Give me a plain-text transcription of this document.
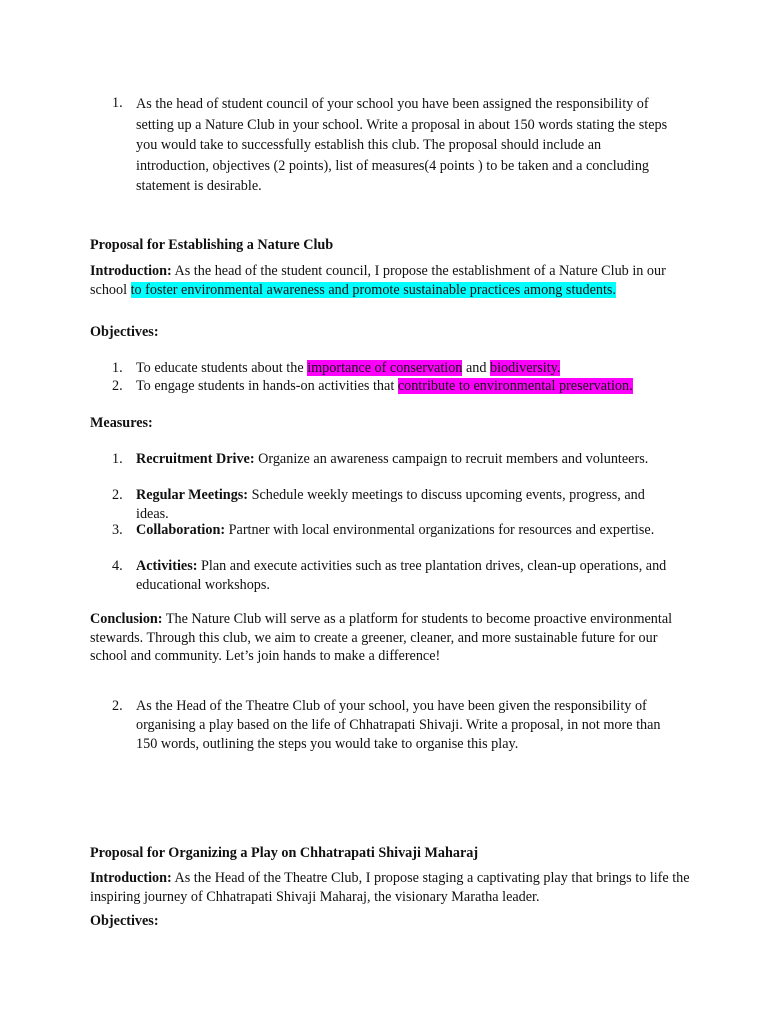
1. As the head of student council of your school you have been assigned the responsibility of setting up a Nature Club in your school. Write a proposal in about 150 words stating the steps you would take to successfully establish this club. The proposal should include an introduction, objectives (2 points), list of measures(4 points ) to be taken and a concluding statement is desirable.

Proposal for Establishing a Nature Club

Introduction: As the head of the student council, I propose the establishment of a Nature Club in our school to foster environmental awareness and promote sustainable practices among students.

Objectives:

1. To educate students about the importance of conservation and biodiversity.
2. To engage students in hands-on activities that contribute to environmental preservation.

Measures:

1. Recruitment Drive: Organize an awareness campaign to recruit members and volunteers.
2. Regular Meetings: Schedule weekly meetings to discuss upcoming events, progress, and ideas.
3. Collaboration: Partner with local environmental organizations for resources and expertise.
4. Activities: Plan and execute activities such as tree plantation drives, clean-up operations, and educational workshops.

Conclusion: The Nature Club will serve as a platform for students to become proactive environmental stewards. Through this club, we aim to create a greener, cleaner, and more sustainable future for our school and community. Let’s join hands to make a difference!

2. As the Head of the Theatre Club of your school, you have been given the responsibility of organising a play based on the life of Chhatrapati Shivaji. Write a proposal, in not more than 150 words, outlining the steps you would take to organise this play.

Proposal for Organizing a Play on Chhatrapati Shivaji Maharaj

Introduction: As the Head of the Theatre Club, I propose staging a captivating play that brings to life the inspiring journey of Chhatrapati Shivaji Maharaj, the visionary Maratha leader.

Objectives:
